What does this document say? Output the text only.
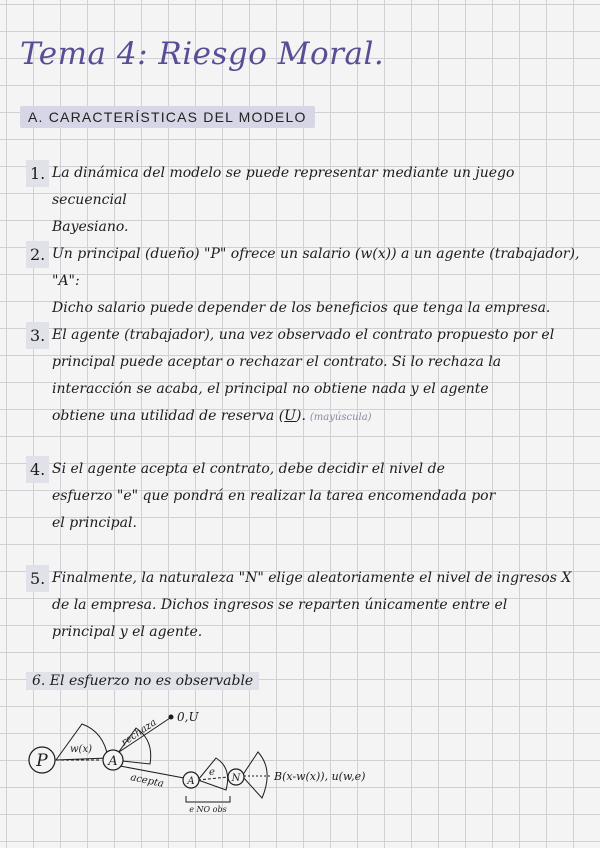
Tema 4: Riesgo Moral.
A. CARACTERÍSTICAS DEL MODELO
1. La dinámica del modelo se puede representar mediante un juego secuencial
Bayesiano.
2. Un principal (dueño) "P" ofrece un salario (w(x)) a un agente (trabajador), "A":
Dicho salario puede depender de los beneficios que tenga la empresa.
3. El agente (trabajador), una vez observado el contrato propuesto por el
principal puede aceptar o rechazar el contrato. Si lo rechaza la
interacción se acaba, el principal no obtiene nada y el agente
obtiene una utilidad de reserva (U). (mayúscula)
4. Si el agente acepta el contrato, debe decidir el nivel de
esfuerzo "e" que pondrá en realizar la tarea encomendada por
el principal.
5. Finalmente, la naturaleza "N" elige aleatoriamente el nivel de ingresos X
de la empresa. Dichos ingresos se reparten únicamente entre el
principal y el agente.
6. El esfuerzo no es observable
P	A
A	N
w(x)
rechaza
0,U
acepta	e	B(x-w(x)), u(w,e)
e NO obs
